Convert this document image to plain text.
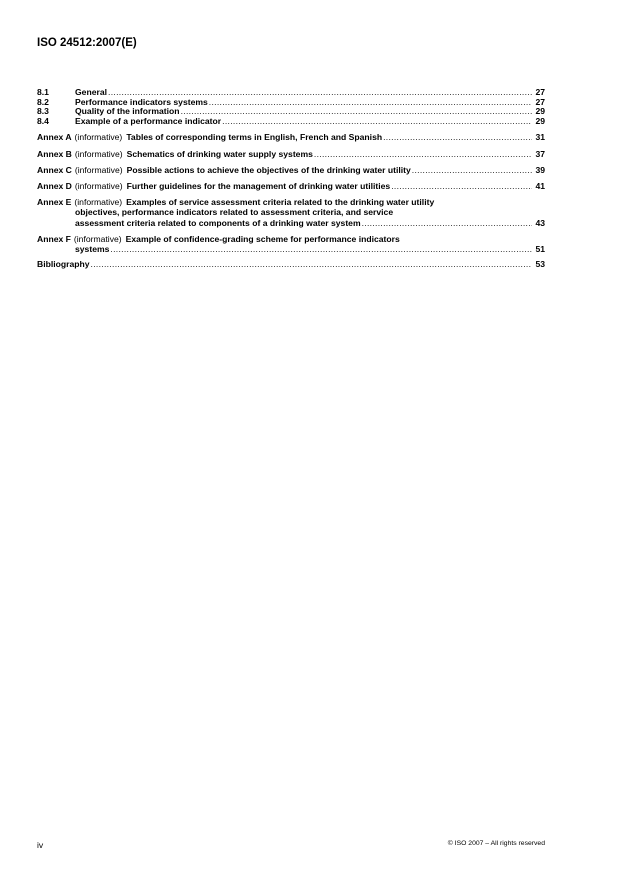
ISO 24512:2007(E)
8.1	General .....	27
8.2	Performance indicators systems .....	27
8.3	Quality of the information .....	29
8.4	Example of a performance indicator .....	29
Annex A (informative) Tables of corresponding terms in English, French and Spanish .....	31
Annex B (informative) Schematics of drinking water supply systems .....	37
Annex C (informative) Possible actions to achieve the objectives of the drinking water utility .....	39
Annex D (informative) Further guidelines for the management of drinking water utilities .....	41
Annex E (informative) Examples of service assessment criteria related to the drinking water utility
objectives, performance indicators related to assessment criteria, and service
assessment criteria related to components of a drinking water system .....	43
Annex F (informative) Example of confidence-grading scheme for performance indicators
systems .....	51
Bibliography .....	53
iv	© ISO 2007 – All rights reserved
